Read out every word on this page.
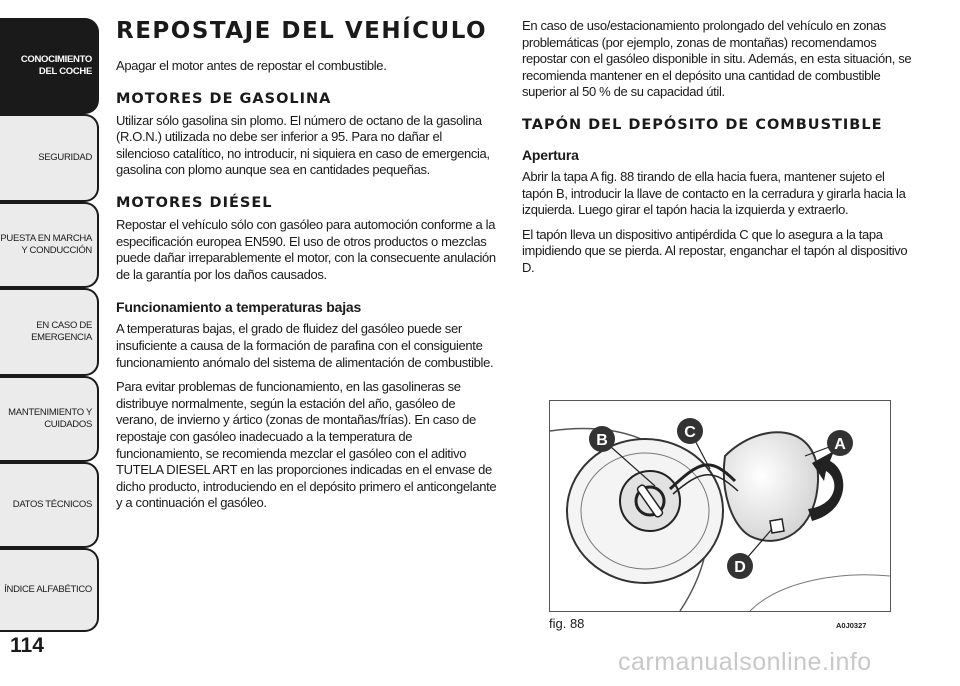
CONOCIMIENTO
DEL COCHE
SEGURIDAD
PUESTA EN MARCHA
Y CONDUCCIÓN
EN CASO DE
EMERGENCIA
MANTENIMIENTO Y
CUIDADOS
DATOS TÉCNICOS
ÍNDICE ALFABÉTICO
114
REPOSTAJE DEL VEHÍCULO

Apagar el motor antes de repostar el combustible.

MOTORES DE GASOLINA

Utilizar sólo gasolina sin plomo. El número de octano de la gasolina (R.O.N.) utilizada no debe ser inferior a 95. Para no dañar el silencioso catalítico, no introducir, ni siquiera en caso de emergencia, gasolina con plomo aunque sea en cantidades pequeñas.

MOTORES DIÉSEL

Repostar el vehículo sólo con gasóleo para automoción conforme a la especificación europea EN590. El uso de otros productos o mezclas puede dañar irreparablemente el motor, con la consecuente anulación de la garantía por los daños causados.

Funcionamiento a temperaturas bajas

A temperaturas bajas, el grado de fluidez del gasóleo puede ser insuficiente a causa de la formación de parafina con el consiguiente funcionamiento anómalo del sistema de alimentación de combustible.

Para evitar problemas de funcionamiento, en las gasolineras se distribuye normalmente, según la estación del año, gasóleo de verano, de invierno y ártico (zonas de montañas/frías). En caso de repostaje con gasóleo inadecuado a la temperatura de funcionamiento, se recomienda mezclar el gasóleo con el aditivo TUTELA DIESEL ART en las proporciones indicadas en el envase de dicho producto, introduciendo en el depósito primero el anticongelante y a continuación el gasóleo.

En caso de uso/estacionamiento prolongado del vehículo en zonas problemáticas (por ejemplo, zonas de montañas) recomendamos repostar con el gasóleo disponible in situ. Además, en esta situación, se recomienda mantener en el depósito una cantidad de combustible superior al 50 % de su capacidad útil.

TAPÓN DEL DEPÓSITO DE COMBUSTIBLE
Apertura

Abrir la tapa A fig. 88 tirando de ella hacia fuera, mantener sujeto el tapón B, introducir la llave de contacto en la cerradura y girarla hacia la izquierda. Luego girar el tapón hacia la izquierda y extraerlo.

El tapón lleva un dispositivo antipérdida C que lo asegura a la tapa impidiendo que se pierda. Al repostar, enganchar el tapón al dispositivo D.

B	C
A
D
fig. 88	A0J0327
carmanualsonline.info
